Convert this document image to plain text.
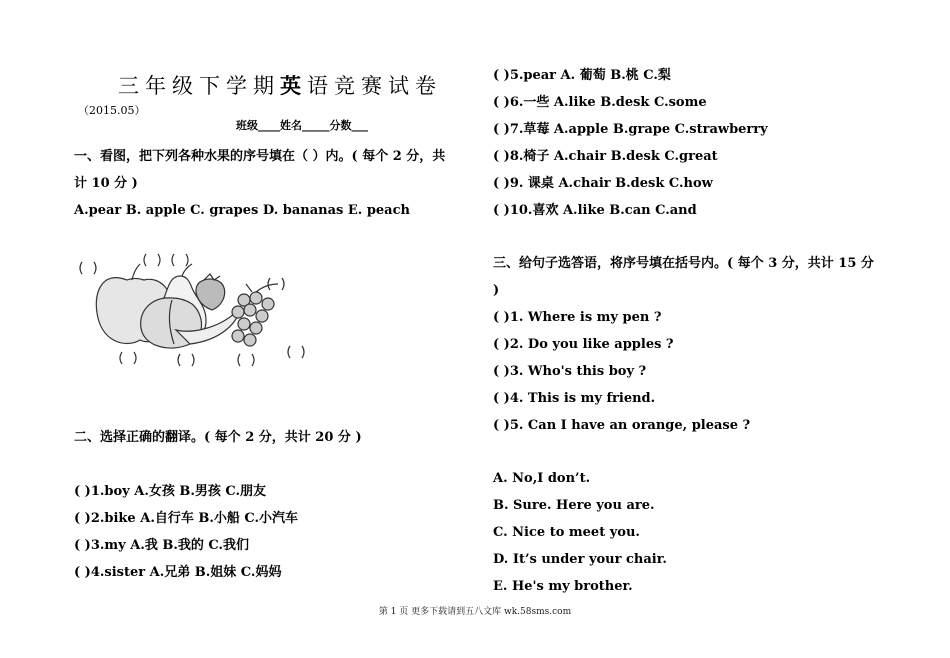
三年级下学期英语竞赛试卷
（2015.05）
班级____姓名_____分数___
一、看图，把下列各种水果的序号填在（ ）内。( 每个 2 分，共
计 10 分 )
A.pear B. apple C. grapes D. bananas E. peach
二、选择正确的翻译。( 每个 2 分，共计 20 分 )
( )1.boy A.女孩 B.男孩 C.朋友
( )2.bike A.自行车 B.小船 C.小汽车
( )3.my A.我 B.我的 C.我们
( )4.sister A.兄弟 B.姐妹 C.妈妈
( )5.pear A. 葡萄 B.桃 C.梨
( )6.一些 A.like B.desk C.some
( )7.草莓 A.apple B.grape C.strawberry
( )8.椅子 A.chair B.desk C.great
( )9. 课桌 A.chair B.desk C.how
( )10.喜欢 A.like B.can C.and
三、给句子选答语，将序号填在括号内。( 每个 3 分，共计 15 分
)
( )1. Where is my pen ?
( )2. Do you like apples ?
( )3. Who's this boy ?
( )4. This is my friend.
( )5. Can I have an orange, please ?
A. No,I don’t.
B. Sure. Here you are.
C. Nice to meet you.
D. It’s under your chair.
E. He's my brother.
第 1 页 更多下载请到五八文库 wk.58sms.com
